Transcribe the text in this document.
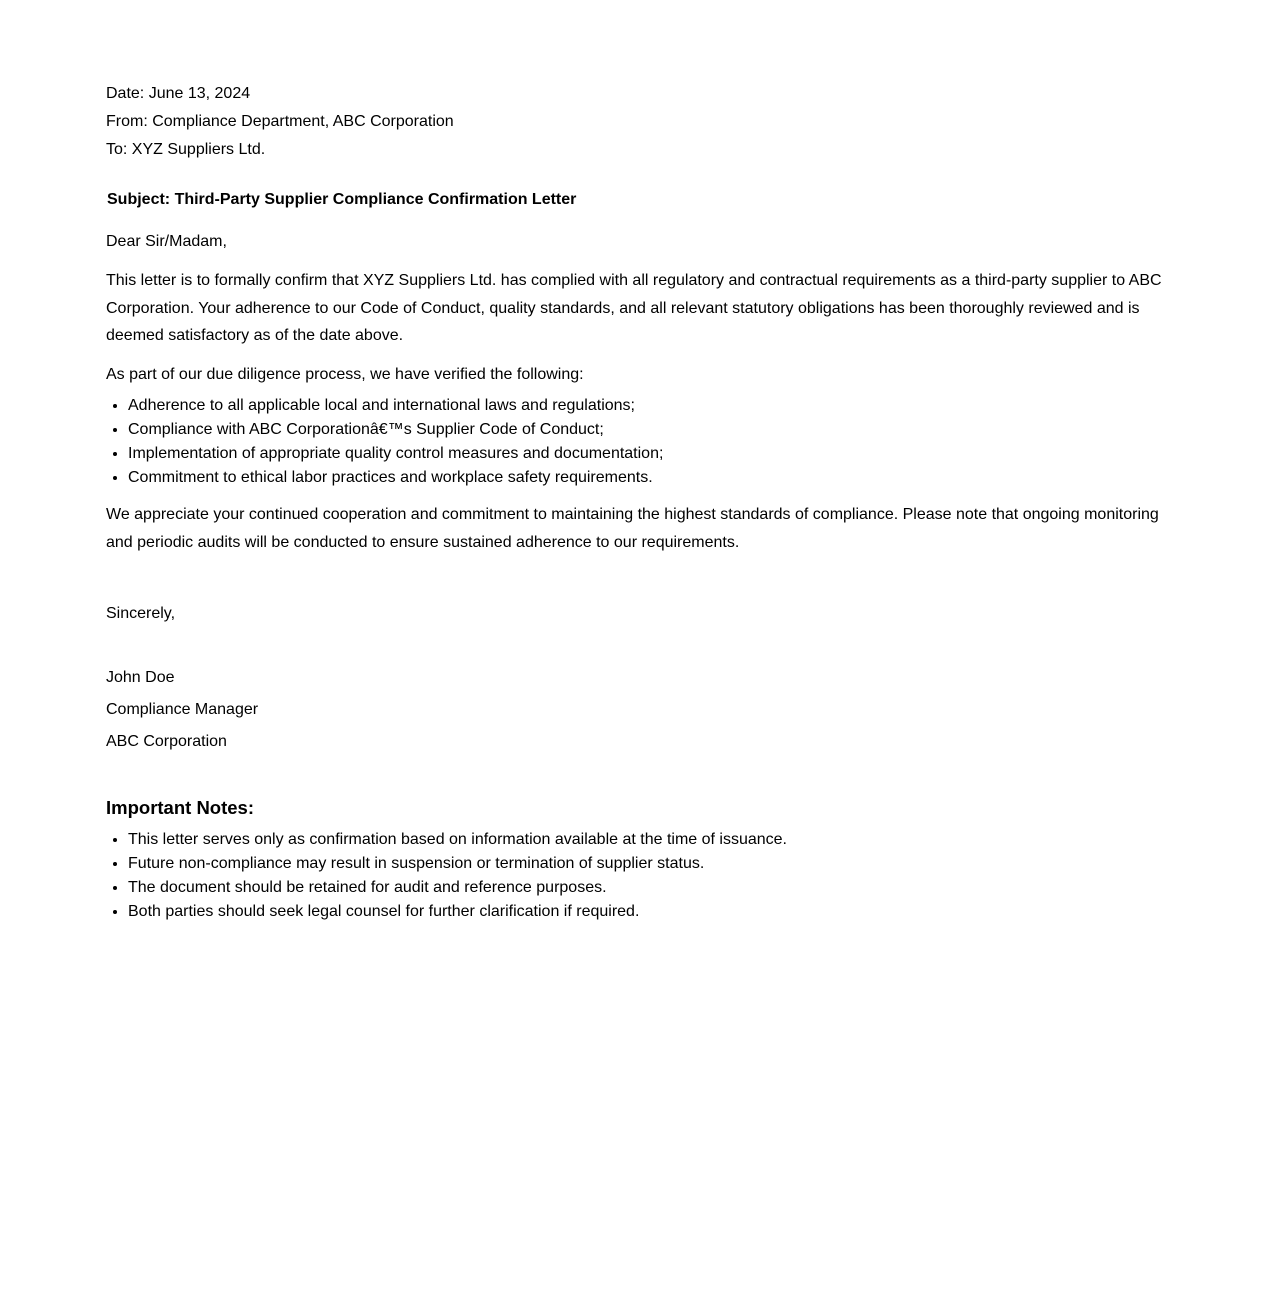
Date: June 13, 2024

From: Compliance Department, ABC Corporation

To: XYZ Suppliers Ltd.

Subject: Third-Party Supplier Compliance Confirmation Letter

Dear Sir/Madam,

This letter is to formally confirm that XYZ Suppliers Ltd. has complied with all regulatory and contractual requirements as a third-party supplier to ABC Corporation. Your adherence to our Code of Conduct, quality standards, and all relevant statutory obligations has been thoroughly reviewed and is deemed satisfactory as of the date above.

As part of our due diligence process, we have verified the following:

• Adherence to all applicable local and international laws and regulations;
• Compliance with ABC Corporationâ€™s Supplier Code of Conduct;
• Implementation of appropriate quality control measures and documentation;
• Commitment to ethical labor practices and workplace safety requirements.

We appreciate your continued cooperation and commitment to maintaining the highest standards of compliance. Please note that ongoing monitoring and periodic audits will be conducted to ensure sustained adherence to our requirements.

Sincerely,

John Doe

Compliance Manager

ABC Corporation

Important Notes:
• This letter serves only as confirmation based on information available at the time of issuance.
• Future non-compliance may result in suspension or termination of supplier status.
• The document should be retained for audit and reference purposes.
• Both parties should seek legal counsel for further clarification if required.
